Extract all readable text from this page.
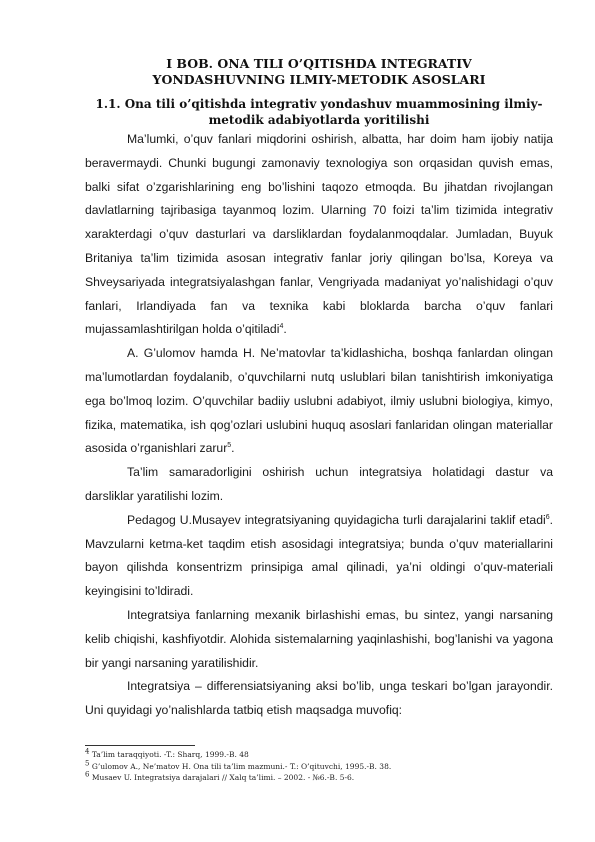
I BOB. ONA TILI O’QITISHDA INTEGRATIV
YONDASHUVNING ILMIY-METODIK ASOSLARI
1.1. Ona tili o’qitishda integrativ yondashuv muammosining ilmiy-
metodik adabiyotlarda yoritilishi

Ma’lumki, o’quv fanlari miqdorini oshirish, albatta, har doim ham ijobiy natija beravermaydi. Chunki bugungi zamonaviy texnologiya son orqasidan quvish emas, balki sifat o’zgarishlarining eng bo’lishini taqozo etmoqda. Bu jihatdan rivojlangan davlatlarning tajribasiga tayanmoq lozim. Ularning 70 foizi ta’lim tizimida integrativ xarakterdagi o’quv dasturlari va darsliklardan foydalanmoqdalar. Jumladan, Buyuk Britaniya ta’lim tizimida asosan integrativ fanlar joriy qilingan bo’lsa, Koreya va Shveysariyada integratsiyalashgan fanlar, Vengriyada madaniyat yo’nalishidagi o’quv fanlari, Irlandiyada fan va texnika kabi bloklarda barcha o’quv fanlari mujassamlashtirilgan holda o’qitiladi$^4$.

A. G’ulomov hamda H. Ne’matovlar ta’kidlashicha, boshqa fanlardan olingan ma’lumotlardan foydalanib, o’quvchilarni nutq uslublari bilan tanishtirish imkoniyatiga ega bo’lmoq lozim. O’quvchilar badiiy uslubni adabiyot, ilmiy uslubni biologiya, kimyo, fizika, matematika, ish qog’ozlari uslubini huquq asoslari fanlaridan olingan materiallar asosida o’rganishlari zarur$^5$.

Ta’lim samaradorligini oshirish uchun integratsiya holatidagi dastur va darsliklar yaratilishi lozim.

Pedagog U.Musayev integratsiyaning quyidagicha turli darajalarini taklif etadi$^6$. Mavzularni ketma-ket taqdim etish asosidagi integratsiya; bunda o’quv materiallarini bayon qilishda konsentrizm prinsipiga amal qilinadi, ya’ni oldingi o’quv-materiali keyingisini to’ldiradi.

Integratsiya fanlarning mexanik birlashishi emas, bu sintez, yangi narsaning kelib chiqishi, kashfiyotdir. Alohida sistemalarning yaqinlashishi, bog’lanishi va yagona bir yangi narsaning yaratilishidir.

Integratsiya – differensiatsiyaning aksi bo’lib, unga teskari bo’lgan jarayondir. Uni quyidagi yo’nalishlarda tatbiq etish maqsadga muvofiq:

$^4$ Ta’lim taraqqiyoti. -T.: Sharq, 1999.-B. 48
$^5$ G’ulomov A., Ne’matov H. Ona tili ta’lim mazmuni.- T.: O’qituvchi, 1995.-B. 38.
$^6$ Musaev U. Integratsiya darajalari // Xalq ta’limi. – 2002. - №6.-B. 5-6.
